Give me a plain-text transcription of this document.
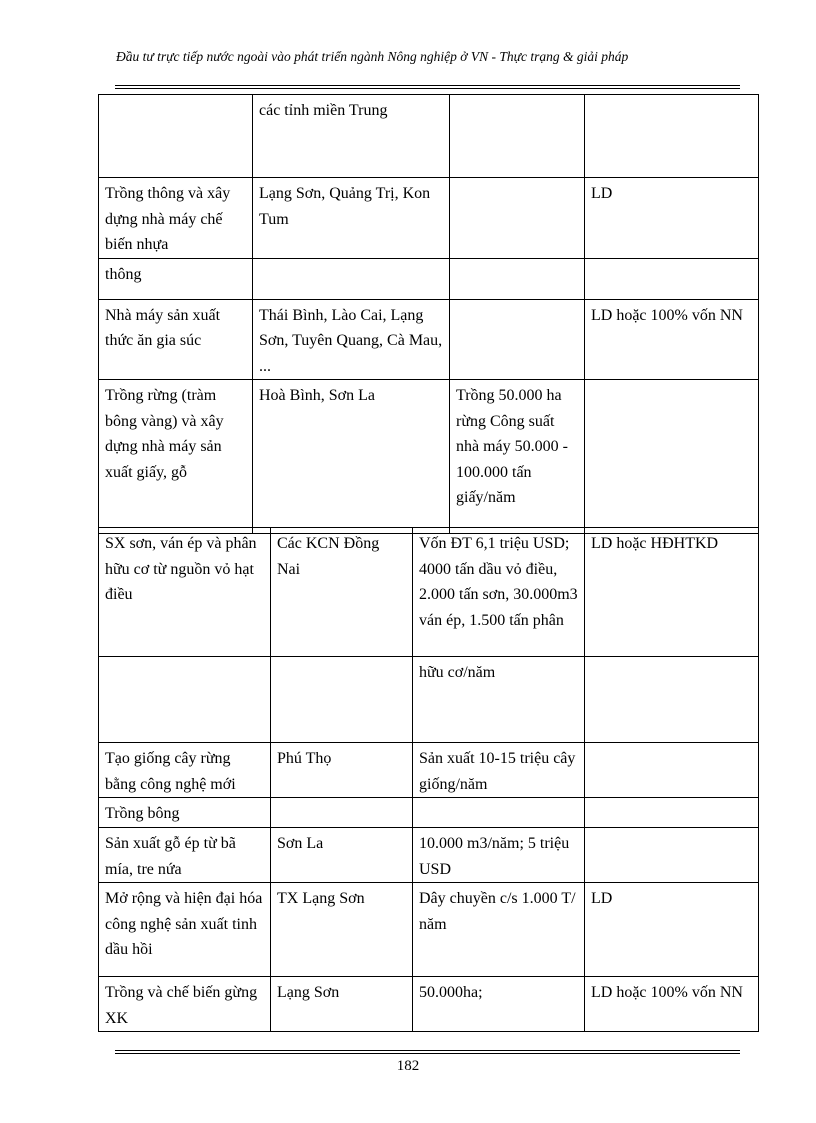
Đầu tư trực tiếp nước ngoài vào phát triển ngành Nông nghiệp ở VN - Thực trạng & giải pháp
	các tỉnh miền Trung		
Trồng thông và xây dựng nhà máy chế biến nhựa	Lạng Sơn, Quảng Trị, Kon Tum		LD
thông			
Nhà máy sản xuất thức ăn gia súc	Thái Bình, Lào Cai, Lạng Sơn, Tuyên Quang, Cà Mau, ...		LD hoặc 100% vốn NN
Trồng rừng (tràm bông vàng) và xây dựng nhà máy sản xuất giấy, gỗ	Hoà Bình, Sơn La	Trồng 50.000 ha rừng Công suất nhà máy 50.000 - 100.000 tấn giấy/năm	
SX sơn, ván ép và phân hữu cơ từ nguồn vỏ hạt điều	Các KCN Đồng Nai	Vốn ĐT 6,1 triệu USD; 4000 tấn dầu vỏ điều, 2.000 tấn sơn, 30.000m3 ván ép, 1.500 tấn phân	LD hoặc HĐHTKD
		hữu cơ/năm	
Tạo giống cây rừng bằng công nghệ mới	Phú Thọ	Sản xuất 10-15 triệu cây giống/năm	
Trồng bông			
Sản xuất gỗ ép từ bã mía, tre nứa	Sơn La	10.000 m3/năm; 5 triệu USD	
Mở rộng và hiện đại hóa công nghệ sản xuất tinh dầu hồi	TX Lạng Sơn	Dây chuyền c/s 1.000 T/ năm	LD
Trồng và chế biến gừng XK	Lạng Sơn	50.000ha;	LD hoặc 100% vốn NN
182
